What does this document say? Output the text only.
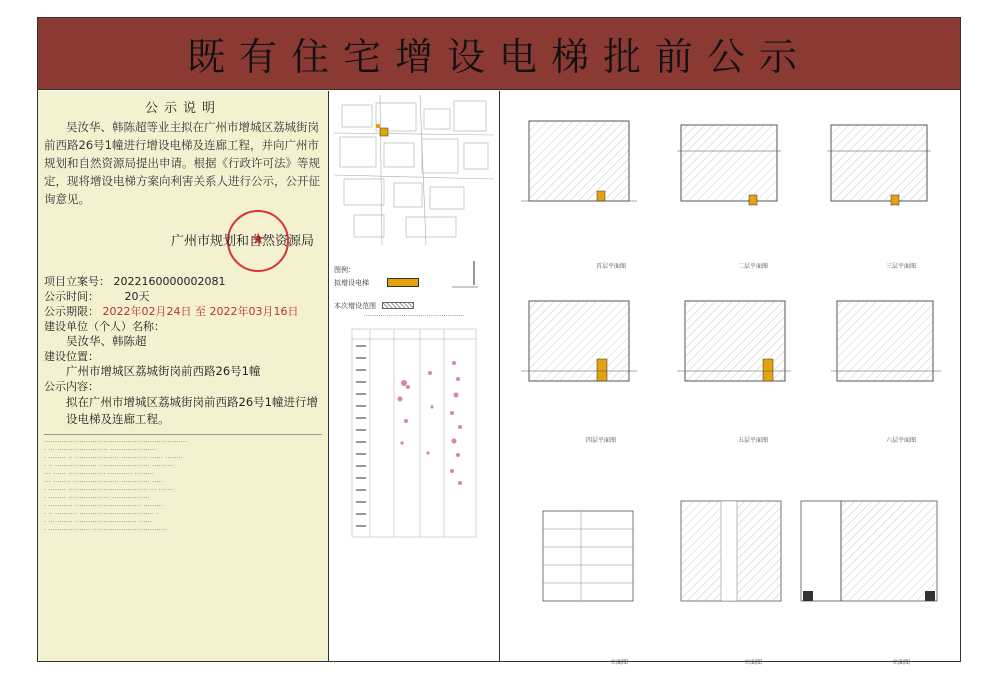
既有住宅增设电梯批前公示
公示说明
吴汝华、韩陈超等业主拟在广州市增城区荔城街岗前西路26号1幢进行增设电梯及连廊工程，并向广州市规划和自然资源局提出申请。根据《行政许可法》等规定，现将增设电梯方案向利害关系人进行公示，公开征询意见。
★
广州市规划和自然资源局
项目立案号： 2022160000002081
公示时间： 20天
公示期限： 2022年02月24日 至 2022年03月16日
建设单位（个人）名称：
吴汝华、韩陈超
建设位置：
广州市增城区荔城街岗前西路26号1幢
公示内容：
拟在广州市增城区荔城街岗前西路26号1幢进行增设电梯及连廊工程。
·································································
· ··· ······················· ·····················
· ········ ·· ···················· ············ ······ ········
· ·· ··················· ······················· ··········
··· ······ ················· ··········· ·········
··· ········ ····················· ············· ·····
· ········ ···································· ··· ·······
· ········ ··················· ·················
· ··········· ······························ ·········
· ·· ·········· ·································· ·
· ··· ······· ···························· ······
· ··················· ··································
图例：
拟增设电梯
本次增设范围
·····················································
首层平面图	二层平面图	三层平面图
四层平面图	五层平面图	六层平面图
立面图	立面图	立面图
